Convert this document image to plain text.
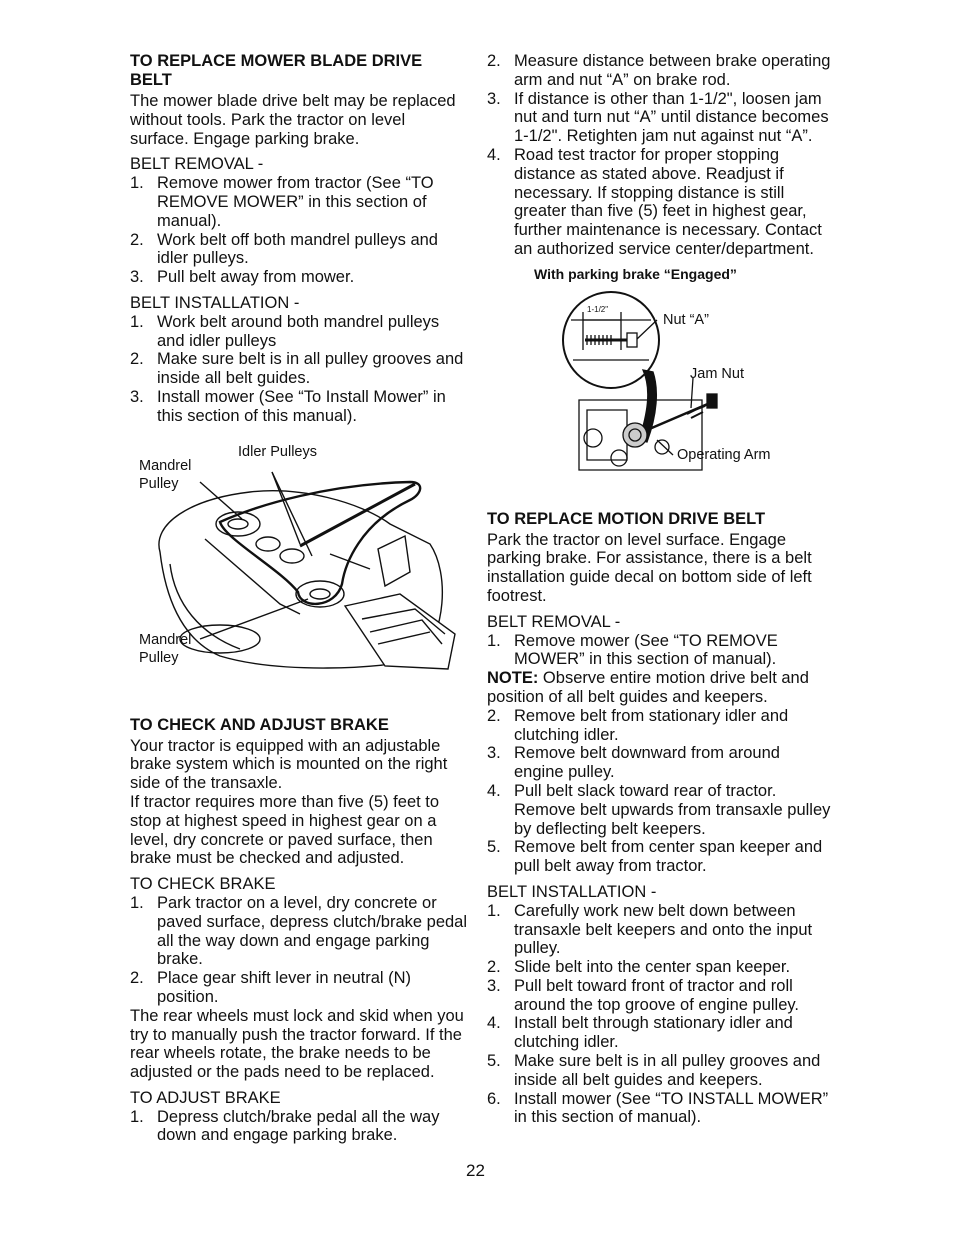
TO REPLACE MOWER BLADE DRIVE BELT

The mower blade drive belt may be replaced without tools. Park the tractor on level surface. Engage parking brake.

BELT REMOVAL -

1. Remove mower from tractor (See “TO REMOVE MOWER” in this section of manual).
2. Work belt off both mandrel pulleys and idler pulleys.
3. Pull belt away from mower.

BELT INSTALLATION -

1. Work belt around both mandrel pulleys and idler pulleys
2. Make sure belt is in all pulley grooves and inside all belt guides.
3. Install mower (See “To Install Mower” in this section of this manual).
Idler Pulleys
Mandrel
Pulley
Mandrel
Pulley
TO CHECK AND ADJUST BRAKE

Your tractor is equipped with an adjustable brake system which is mounted on the right side of the transaxle.

If tractor requires more than five (5) feet to stop at highest speed in highest gear on a level, dry concrete or paved surface, then brake must be checked and adjusted.

TO CHECK BRAKE

1. Park tractor on a level, dry concrete or paved surface, depress clutch/brake pedal all the way down and engage parking brake.
2. Place gear shift lever in neutral (N) position.

The rear wheels must lock and skid when you try to manually push the tractor forward. If the rear wheels rotate, the brake needs to be adjusted or the pads need to be replaced.

TO ADJUST BRAKE

1. Depress clutch/brake pedal all the way down and engage parking brake.
2. Measure distance between brake operating arm and nut “A” on brake rod.
3. If distance is other than 1-1/2", loosen jam nut and turn nut “A” until distance becomes 1-1/2". Retighten jam nut against nut “A”.
4. Road test tractor for proper stopping distance as stated above. Readjust if necessary. If stopping distance is still greater than five (5) feet in highest gear, further maintenance is necessary. Contact an authorized service center/department.

With parking brake “Engaged”

1-1/2"
Nut “A”
Jam Nut
Operating Arm
TO REPLACE MOTION DRIVE BELT

Park the tractor on level surface. Engage parking brake. For assistance, there is a belt installation guide decal on bottom side of left footrest.

BELT REMOVAL -

1. Remove mower (See “TO REMOVE MOWER” in this section of manual).

NOTE: Observe entire motion drive belt and position of all belt guides and keepers.

2. Remove belt from stationary idler and clutching idler.
3. Remove belt downward from around engine pulley.
4. Pull belt slack toward rear of tractor. Remove belt upwards from transaxle pulley by deflecting belt keepers.
5. Remove belt from center span keeper and pull belt away from tractor.

BELT INSTALLATION -

1. Carefully work new belt down between transaxle belt keepers and onto the input pulley.
2. Slide belt into the center span keeper.
3. Pull belt toward front of tractor and roll around the top groove of engine pulley.
4. Install belt through stationary idler and clutching idler.
5. Make sure belt is in all pulley grooves and inside all belt guides and keepers.
6. Install mower (See “TO INSTALL MOWER” in this section of manual).
22
